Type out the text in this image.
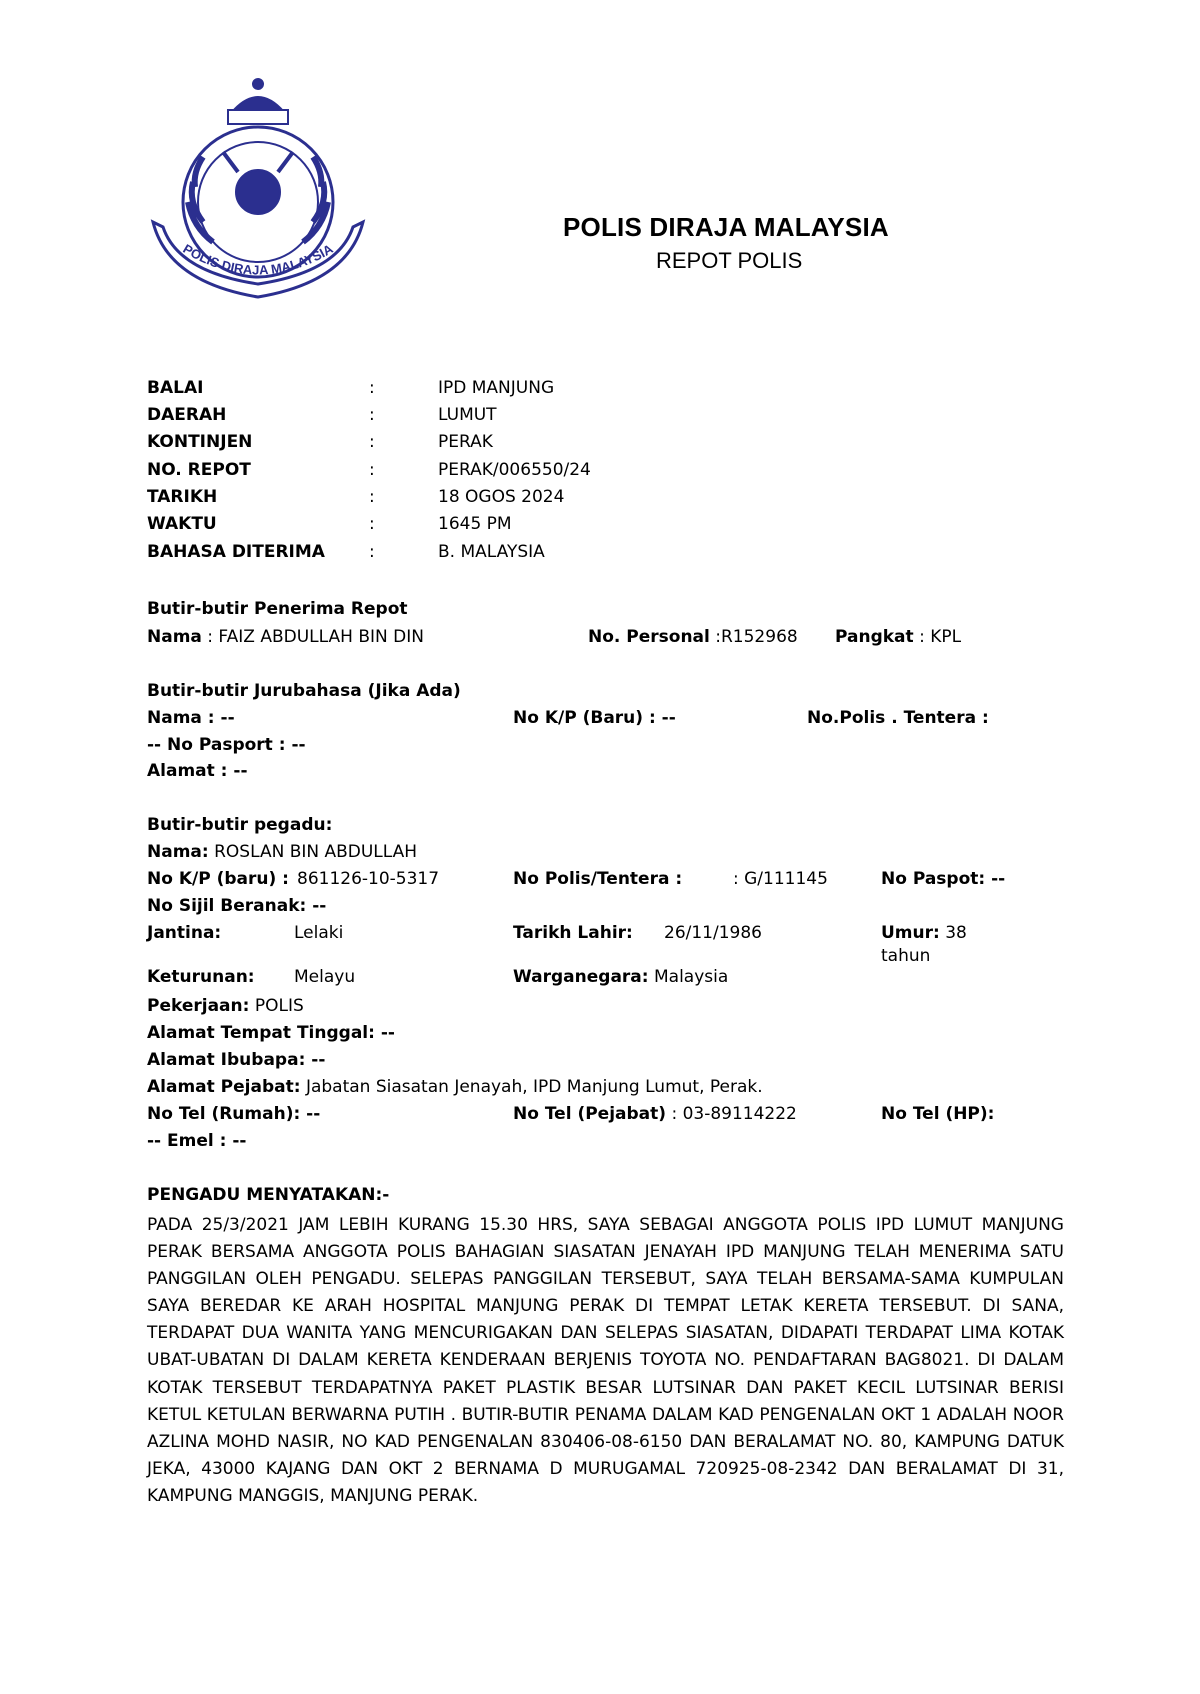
POLIS DIRAJA MALAYSIA
POLIS DIRAJA MALAYSIA
REPOT POLIS
BALAI	:	IPD MANJUNG
DAERAH	:	LUMUT
KONTINJEN	:	PERAK
NO. REPOT	:	PERAK/006550/24
TARIKH	:	18 OGOS 2024
WAKTU	:	1645 PM
BAHASA DITERIMA	:	B. MALAYSIA
Butir-butir Penerima Repot
Nama : FAIZ ABDULLAH BIN DIN	No. Personal :R152968 Pangkat : KPL
Butir-butir Jurubahasa (Jika Ada)
Nama : --	No K/P (Baru) : --	No.Polis . Tentera :
-- No Pasport : --
Alamat : --
Butir-butir pegadu:
Nama: ROSLAN BIN ABDULLAH
No K/P (baru) : 861126-10-5317	No Polis/Tentera :	: G/111145	No Paspot: --
No Sijil Beranak: --
Jantina:	Lelaki	Tarikh Lahir: 26/11/1986	Umur: 38
tahun
Keturunan: Melayu	Warganegara: Malaysia
Pekerjaan: POLIS
Alamat Tempat Tinggal: --
Alamat Ibubapa: --
Alamat Pejabat: Jabatan Siasatan Jenayah, IPD Manjung Lumut, Perak.
No Tel (Rumah): --	No Tel (Pejabat) : 03-89114222	No Tel (HP):
-- Emel : --
PENGADU MENYATAKAN:-
PADA 25/3/2021 JAM LEBIH KURANG 15.30 HRS, SAYA SEBAGAI ANGGOTA POLIS IPD LUMUT MANJUNG PERAK BERSAMA ANGGOTA POLIS BAHAGIAN SIASATAN JENAYAH IPD MANJUNG TELAH MENERIMA SATU PANGGILAN OLEH PENGADU. SELEPAS PANGGILAN TERSEBUT, SAYA TELAH BERSAMA-SAMA KUMPULAN SAYA BEREDAR KE ARAH HOSPITAL MANJUNG PERAK DI TEMPAT LETAK KERETA TERSEBUT. DI SANA, TERDAPAT DUA WANITA YANG MENCURIGAKAN DAN SELEPAS SIASATAN, DIDAPATI TERDAPAT LIMA KOTAK UBAT-UBATAN DI DALAM KERETA KENDERAAN BERJENIS TOYOTA NO. PENDAFTARAN BAG8021. DI DALAM KOTAK TERSEBUT TERDAPATNYA PAKET PLASTIK BESAR LUTSINAR DAN PAKET KECIL LUTSINAR BERISI KETUL KETULAN BERWARNA PUTIH . BUTIR-BUTIR PENAMA DALAM KAD PENGENALAN OKT 1 ADALAH NOOR AZLINA MOHD NASIR, NO KAD PENGENALAN 830406-08-6150 DAN BERALAMAT NO. 80, KAMPUNG DATUK JEKA, 43000 KAJANG DAN OKT 2 BERNAMA D MURUGAMAL 720925-08-2342 DAN BERALAMAT DI 31, KAMPUNG MANGGIS, MANJUNG PERAK.
